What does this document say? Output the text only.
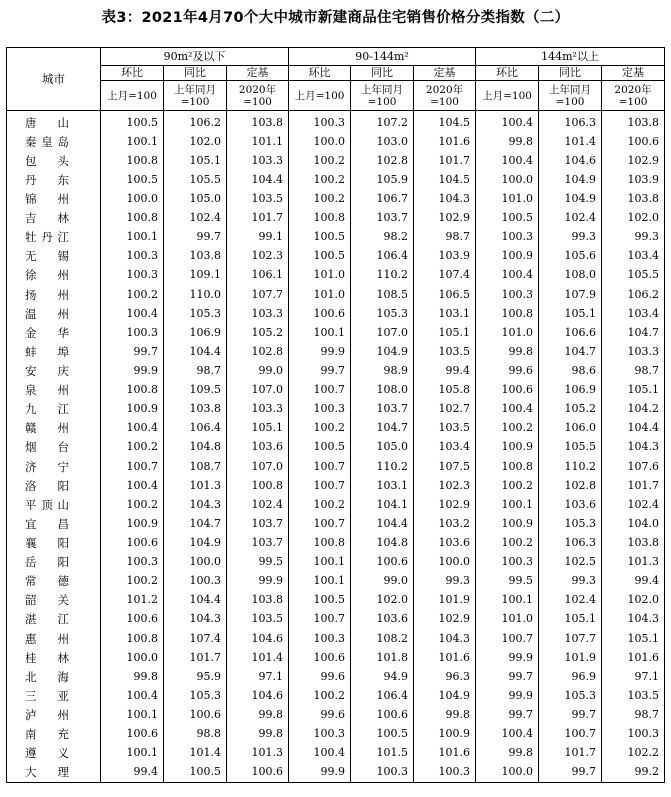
表3：2021年4月70个大中城市新建商品住宅销售价格分类指数（二）
城市	90m²及以下			90-144m²			144m²以上		
	环比	同比	定基	环比	同比	定基	环比	同比	定基
	上月=100	上年同月=100	2020年=100	上月=100	上年同月=100	2020年=100	上月=100	上年同月=100	2020年=100

唐 山	100.5	106.2	103.8	100.3	107.2	104.5	100.4	106.3	103.8

秦 皇 岛	100.1	102.0	101.1	100.0	103.0	101.6	99.8	101.4	100.6

包 头	100.8	105.1	103.3	100.2	102.8	101.7	100.4	104.6	102.9

丹 东	100.5	105.5	104.4	100.2	105.9	104.5	100.0	104.9	103.9

锦 州	100.0	105.0	103.5	100.2	106.7	104.3	101.0	104.9	103.8

吉 林	100.8	102.4	101.7	100.8	103.7	102.9	100.5	102.4	102.0

牡 丹 江	100.1	99.7	99.1	100.5	98.2	98.7	100.3	99.3	99.3

无 锡	100.3	103.8	102.3	100.5	106.4	103.9	100.9	105.6	103.4

徐 州	100.3	109.1	106.1	101.0	110.2	107.4	100.4	108.0	105.5

扬 州	100.2	110.0	107.7	101.0	108.5	106.5	100.3	107.9	106.2

温 州	100.4	105.3	103.3	100.6	105.3	103.1	100.8	105.1	103.4

金 华	100.3	106.9	105.2	100.1	107.0	105.1	101.0	106.6	104.7

蚌 埠	99.7	104.4	102.8	99.9	104.9	103.5	99.8	104.7	103.3

安 庆	99.9	98.7	99.0	99.7	98.9	99.4	99.6	98.6	98.7

泉 州	100.8	109.5	107.0	100.7	108.0	105.8	100.6	106.9	105.1

九 江	100.9	103.8	103.3	100.3	103.7	102.7	100.4	105.2	104.2

赣 州	100.4	106.4	105.1	100.2	104.7	103.5	100.2	106.0	104.4

烟 台	100.2	104.8	103.6	100.5	105.0	103.4	100.9	105.5	104.3

济 宁	100.7	108.7	107.0	100.7	110.2	107.5	100.8	110.2	107.6

洛 阳	100.4	101.3	100.8	100.7	103.1	102.3	100.2	102.8	101.7

平 顶 山	100.2	104.3	102.4	100.2	104.1	102.9	100.1	103.6	102.4

宜 昌	100.9	104.7	103.7	100.7	104.4	103.2	100.9	105.3	104.0

襄 阳	100.6	104.9	103.7	100.8	104.8	103.6	100.2	106.3	103.8

岳 阳	100.3	100.0	99.5	100.1	100.6	100.0	100.3	102.5	101.3

常 德	100.2	100.3	99.9	100.1	99.0	99.3	99.5	99.3	99.4

韶 关	101.2	104.4	103.8	100.5	102.0	101.9	100.1	102.4	102.0

湛 江	100.6	104.3	103.5	100.7	103.6	102.9	101.0	105.1	104.3

惠 州	100.8	107.4	104.6	100.3	108.2	104.3	100.7	107.7	105.1

桂 林	100.0	101.7	101.4	100.6	101.8	101.6	99.9	101.9	101.6

北 海	99.8	95.9	97.1	99.6	94.9	96.3	99.7	96.9	97.1

三 亚	100.4	105.3	104.6	100.2	106.4	104.9	99.9	105.3	103.5

泸 州	100.1	100.6	99.8	99.6	100.6	99.8	99.7	99.7	98.7

南 充	100.6	98.8	99.8	100.3	100.5	100.9	100.4	100.7	100.3

遵 义	100.1	101.4	101.3	100.4	101.5	101.6	99.8	101.7	102.2

大 理	99.4	100.5	100.6	99.9	100.3	100.3	100.0	99.7	99.2
